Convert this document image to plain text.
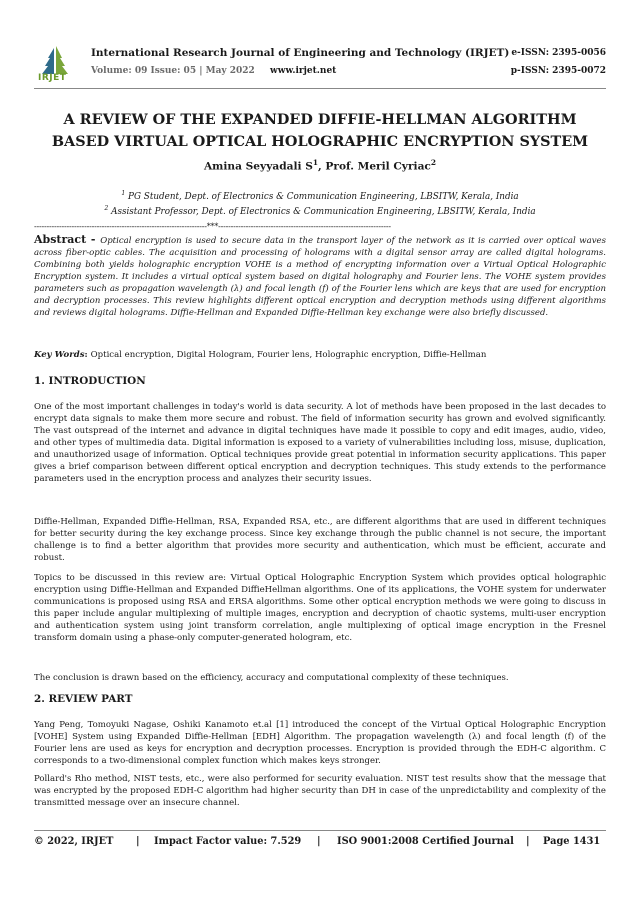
IRJET
International Research Journal of Engineering and Technology (IRJET) e-ISSN: 2395-0056
Volume: 09 Issue: 05 | May 2022 www.irjet.net	p-ISSN: 2395-0072
A REVIEW OF THE EXPANDED DIFFIE-HELLMAN ALGORITHM
BASED VIRTUAL OPTICAL HOLOGRAPHIC ENCRYPTION SYSTEM
Amina Seyyadali $S^1$, Prof. Meril Cyriac$^2$
$^1$ PG Student, Dept. of Electronics & Communication Engineering, LBSITW, Kerala, India
$^2$ Assistant Professor, Dept. of Electronics & Communication Engineering, LBSITW, Kerala, India
---------------------------------------------------------------------***---------------------------------------------------------------------
Abstract - Optical encryption is used to secure data in the transport layer of the network as it is carried over optical waves across fiber-optic cables. The acquisition and processing of holograms with a digital sensor array are called digital holograms. Combining both yields holographic encryption VOHE is a method of encrypting information over a Virtual Optical Holographic Encryption system. It includes a virtual optical system based on digital holography and Fourier lens. The VOHE system provides parameters such as propagation wavelength (λ) and focal length (f) of the Fourier lens which are keys that are used for encryption and decryption processes. This review highlights different optical encryption and decryption methods using different algorithms and reviews digital holograms. Diffie-Hellman and Expanded Diffie-Hellman key exchange were also briefly discussed.
Key Words: Optical encryption, Digital Hologram, Fourier lens, Holographic encryption, Diffie-Hellman
1. INTRODUCTION
One of the most important challenges in today's world is data security. A lot of methods have been proposed in the last decades to encrypt data signals to make them more secure and robust. The field of information security has grown and evolved significantly. The vast outspread of the internet and advance in digital techniques have made it possible to copy and edit images, audio, video, and other types of multimedia data. Digital information is exposed to a variety of vulnerabilities including loss, misuse, duplication, and unauthorized usage of information. Optical techniques provide great potential in information security applications. This paper gives a brief comparison between different optical encryption and decryption techniques. This study extends to the performance parameters used in the encryption process and analyzes their security issues.
Diffie-Hellman, Expanded Diffie-Hellman, RSA, Expanded RSA, etc., are different algorithms that are used in different techniques for better security during the key exchange process. Since key exchange through the public channel is not secure, the important challenge is to find a better algorithm that provides more security and authentication, which must be efficient, accurate and robust.
Topics to be discussed in this review are: Virtual Optical Holographic Encryption System which provides optical holographic encryption using Diffie-Hellman and Expanded DiffieHellman algorithms. One of its applications, the VOHE system for underwater communications is proposed using RSA and ERSA algorithms. Some other optical encryption methods we were going to discuss in this paper include angular multiplexing of multiple images, encryption and decryption of chaotic systems, multi-user encryption and authentication system using joint transform correlation, angle multiplexing of optical image encryption in the Fresnel transform domain using a phase-only computer-generated hologram, etc.
The conclusion is drawn based on the efficiency, accuracy and computational complexity of these techniques.
2. REVIEW PART
Yang Peng, Tomoyuki Nagase, Oshiki Kanamoto et.al [1] introduced the concept of the Virtual Optical Holographic Encryption [VOHE] System using Expanded Diffie-Hellman [EDH] Algorithm. The propagation wavelength (λ) and focal length (f) of the Fourier lens are used as keys for encryption and decryption processes. Encryption is provided through the EDH-C algorithm. C corresponds to a two-dimensional complex function which makes keys stronger.
Pollard's Rho method, NIST tests, etc., were also performed for security evaluation. NIST test results show that the message that was encrypted by the proposed EDH-C algorithm had higher security than DH in case of the unpredictability and complexity of the transmitted message over an insecure channel.
© 2022, IRJET | Impact Factor value: 7.529 | ISO 9001:2008 Certified Journal | Page 1431
